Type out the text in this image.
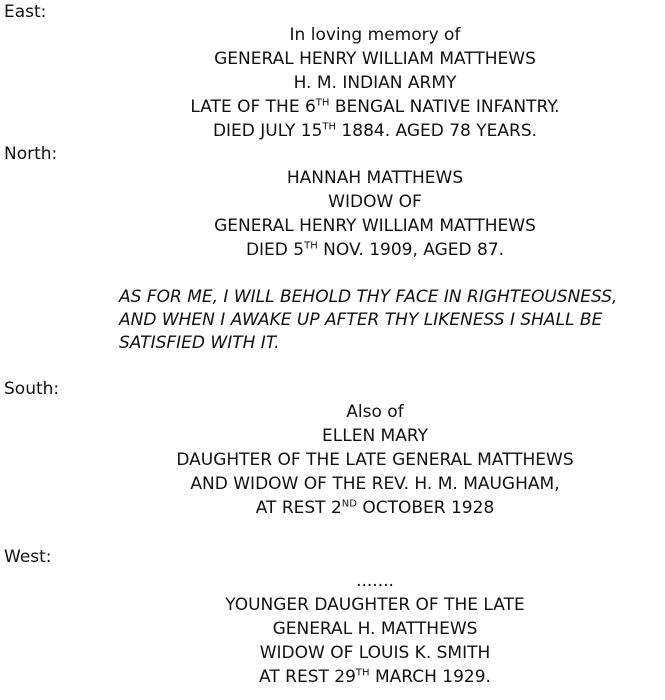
East:
In loving memory of
GENERAL HENRY WILLIAM MATTHEWS
H. M. INDIAN ARMY
LATE OF THE 6TH BENGAL NATIVE INFANTRY.
DIED JULY 15TH 1884. AGED 78 YEARS.
North:
HANNAH MATTHEWS
WIDOW OF
GENERAL HENRY WILLIAM MATTHEWS
DIED 5TH NOV. 1909, AGED 87.
AS FOR ME, I WILL BEHOLD THY FACE IN RIGHTEOUSNESS,
AND WHEN I AWAKE UP AFTER THY LIKENESS I SHALL BE
SATISFIED WITH IT.
South:
Also of
ELLEN MARY
DAUGHTER OF THE LATE GENERAL MATTHEWS
AND WIDOW OF THE REV. H. M. MAUGHAM,
AT REST 2ND OCTOBER 1928
West:
.......
YOUNGER DAUGHTER OF THE LATE
GENERAL H. MATTHEWS
WIDOW OF LOUIS K. SMITH
AT REST 29TH MARCH 1929.
